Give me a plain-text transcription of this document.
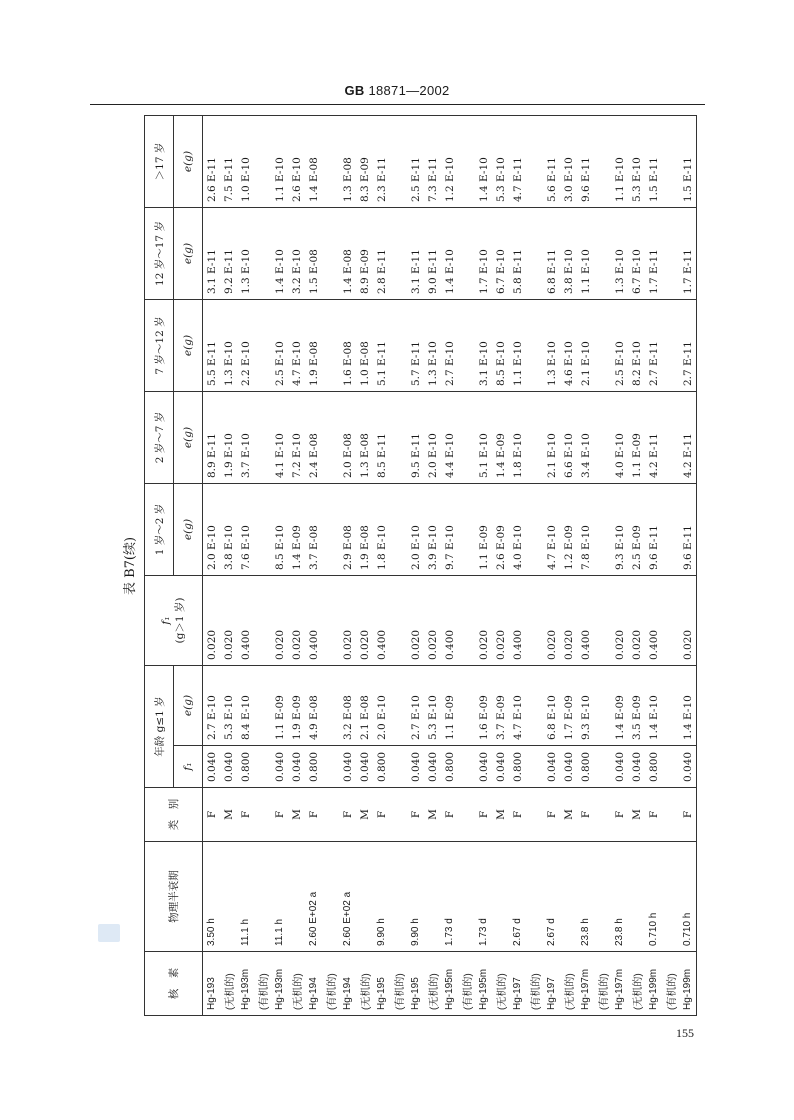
GB 18871—2002
表 B7(续)
核　素	物理半衰期	类　别	年龄 g≤1 岁		f₁ (g＞1 岁)	1 岁～2 岁	2 岁～7 岁	7 岁～12 岁	12 岁～17 岁	＞17 岁
			f₁	e(g)		e(g)	e(g)	e(g)	e(g)	e(g)
Hg-193	3.50 h	F	0.040	2.7 E-10	0.020	2.0 E-10	8.9 E-11	5.5 E-11	3.1 E-11	2.6 E-11
(无机的)		M	0.040	5.3 E-10	0.020	3.8 E-10	1.9 E-10	1.3 E-10	9.2 E-11	7.5 E-11
Hg-193m	11.1 h	F	0.800	8.4 E-10	0.400	7.6 E-10	3.7 E-10	2.2 E-10	1.3 E-10	1.0 E-10
(有机的)										
Hg-193m	11.1 h	F	0.040	1.1 E-09	0.020	8.5 E-10	4.1 E-10	2.5 E-10	1.4 E-10	1.1 E-10
(无机的)		M	0.040	1.9 E-09	0.020	1.4 E-09	7.2 E-10	4.7 E-10	3.2 E-10	2.6 E-10
Hg-194	2.60 E+02 a	F	0.800	4.9 E-08	0.400	3.7 E-08	2.4 E-08	1.9 E-08	1.5 E-08	1.4 E-08
(有机的)										
Hg-194	2.60 E+02 a	F	0.040	3.2 E-08	0.020	2.9 E-08	2.0 E-08	1.6 E-08	1.4 E-08	1.3 E-08
(无机的)		M	0.040	2.1 E-08	0.020	1.9 E-08	1.3 E-08	1.0 E-08	8.9 E-09	8.3 E-09
Hg-195	9.90 h	F	0.800	2.0 E-10	0.400	1.8 E-10	8.5 E-11	5.1 E-11	2.8 E-11	2.3 E-11
(有机的)										
Hg-195	9.90 h	F	0.040	2.7 E-10	0.020	2.0 E-10	9.5 E-11	5.7 E-11	3.1 E-11	2.5 E-11
(无机的)		M	0.040	5.3 E-10	0.020	3.9 E-10	2.0 E-10	1.3 E-10	9.0 E-11	7.3 E-11
Hg-195m	1.73 d	F	0.800	1.1 E-09	0.400	9.7 E-10	4.4 E-10	2.7 E-10	1.4 E-10	1.2 E-10
(有机的)										
Hg-195m	1.73 d	F	0.040	1.6 E-09	0.020	1.1 E-09	5.1 E-10	3.1 E-10	1.7 E-10	1.4 E-10
(无机的)		M	0.040	3.7 E-09	0.020	2.6 E-09	1.4 E-09	8.5 E-10	6.7 E-10	5.3 E-10
Hg-197	2.67 d	F	0.800	4.7 E-10	0.400	4.0 E-10	1.8 E-10	1.1 E-10	5.8 E-11	4.7 E-11
(有机的)										
Hg-197	2.67 d	F	0.040	6.8 E-10	0.020	4.7 E-10	2.1 E-10	1.3 E-10	6.8 E-11	5.6 E-11
(无机的)		M	0.040	1.7 E-09	0.020	1.2 E-09	6.6 E-10	4.6 E-10	3.8 E-10	3.0 E-10
Hg-197m	23.8 h	F	0.800	9.3 E-10	0.400	7.8 E-10	3.4 E-10	2.1 E-10	1.1 E-10	9.6 E-11
(有机的)										
Hg-197m	23.8 h	F	0.040	1.4 E-09	0.020	9.3 E-10	4.0 E-10	2.5 E-10	1.3 E-10	1.1 E-10
(无机的)		M	0.040	3.5 E-09	0.020	2.5 E-09	1.1 E-09	8.2 E-10	6.7 E-10	5.3 E-10
Hg-199m	0.710 h	F	0.800	1.4 E-10	0.400	9.6 E-11	4.2 E-11	2.7 E-11	1.7 E-11	1.5 E-11
(有机的)										
Hg-199m	0.710 h	F	0.040	1.4 E-10	0.020	9.6 E-11	4.2 E-11	2.7 E-11	1.7 E-11	1.5 E-11
155
